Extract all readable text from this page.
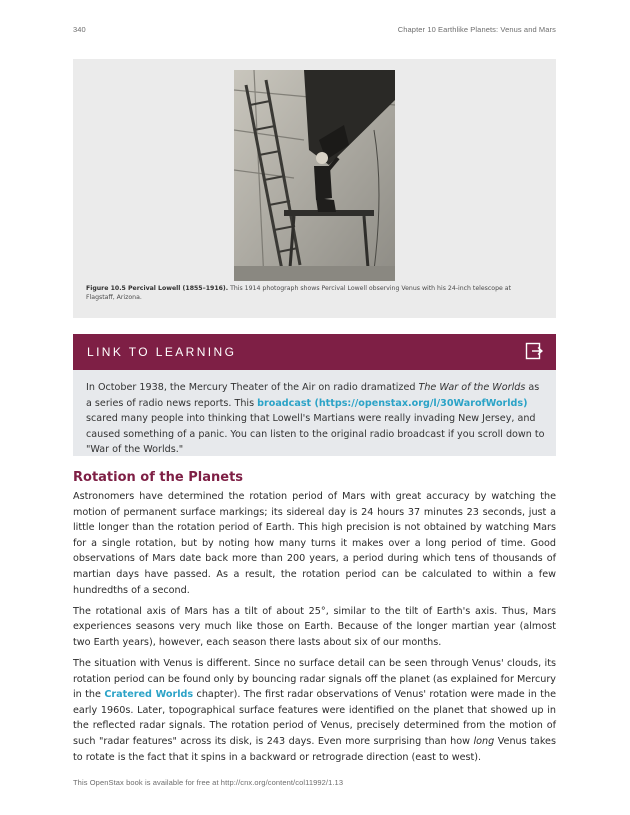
340	Chapter 10 Earthlike Planets: Venus and Mars
Figure 10.5 Percival Lowell (1855–1916). This 1914 photograph shows Percival Lowell observing Venus with his 24-inch telescope at Flagstaff, Arizona.
LINK TO LEARNING
In October 1938, the Mercury Theater of the Air on radio dramatized The War of the Worlds as a series of radio news reports. This broadcast (https://openstax.org/l/30WarofWorlds) scared many people into thinking that Lowell's Martians were really invading New Jersey, and caused something of a panic. You can listen to the original radio broadcast if you scroll down to "War of the Worlds."
Rotation of the Planets

Astronomers have determined the rotation period of Mars with great accuracy by watching the motion of permanent surface markings; its sidereal day is 24 hours 37 minutes 23 seconds, just a little longer than the rotation period of Earth. This high precision is not obtained by watching Mars for a single rotation, but by noting how many turns it makes over a long period of time. Good observations of Mars date back more than 200 years, a period during which tens of thousands of martian days have passed. As a result, the rotation period can be calculated to within a few hundredths of a second.

The rotational axis of Mars has a tilt of about 25°, similar to the tilt of Earth's axis. Thus, Mars experiences seasons very much like those on Earth. Because of the longer martian year (almost two Earth years), however, each season there lasts about six of our months.

The situation with Venus is different. Since no surface detail can be seen through Venus' clouds, its rotation period can be found only by bouncing radar signals off the planet (as explained for Mercury in the Cratered Worlds chapter). The first radar observations of Venus' rotation were made in the early 1960s. Later, topographical surface features were identified on the planet that showed up in the reflected radar signals. The rotation period of Venus, precisely determined from the motion of such "radar features" across its disk, is 243 days. Even more surprising than how long Venus takes to rotate is the fact that it spins in a backward or retrograde direction (east to west).

This OpenStax book is available for free at http://cnx.org/content/col11992/1.13
